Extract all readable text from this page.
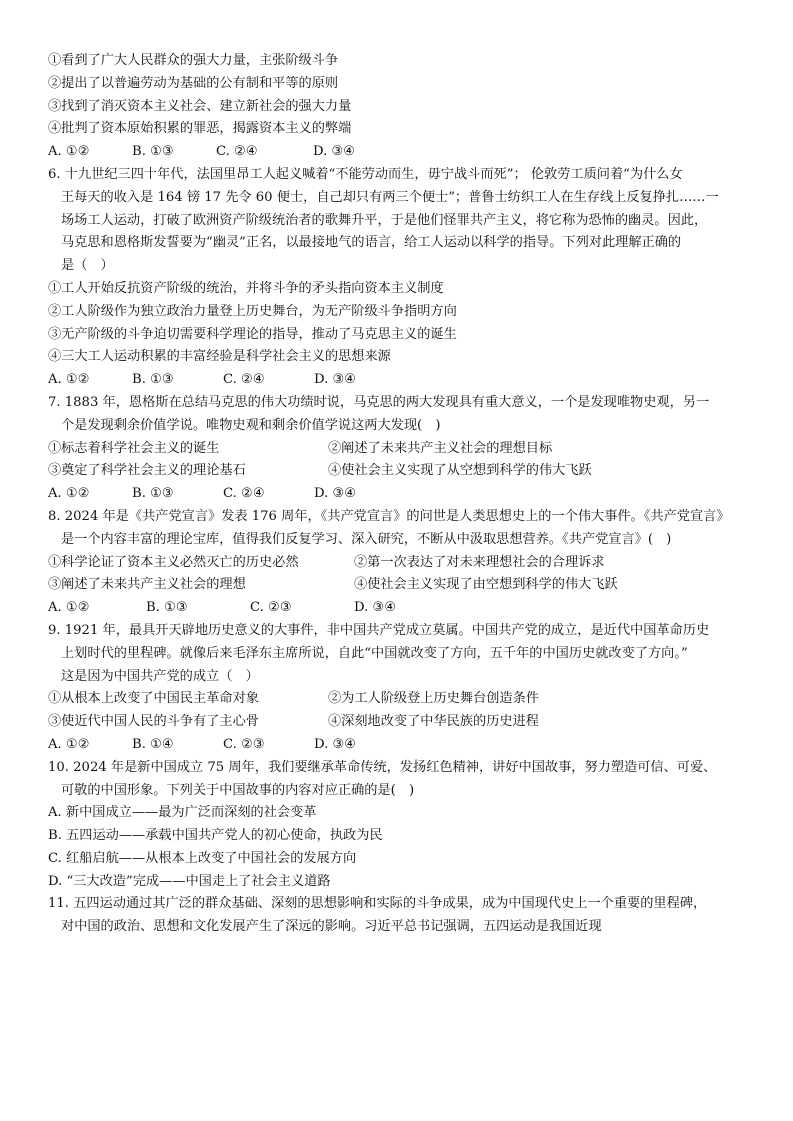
①看到了广大人民群众的强大力量，主张阶级斗争
②提出了以普遍劳动为基础的公有制和平等的原则
③找到了消灭资本主义社会、建立新社会的强大力量
④批判了资本原始积累的罪恶，揭露资本主义的弊端
A. ①②	B. ①③	C. ②④	D. ③④
6. 十九世纪三四十年代，法国里昂工人起义喊着“不能劳动而生，毋宁战斗而死”； 伦敦劳工质问着“为什么女
王每天的收入是 164 镑 17 先令 60 便士，自己却只有两三个便士”；普鲁士纺织工人在生存线上反复挣扎……一
场场工人运动，打破了欧洲资产阶级统治者的歌舞升平，于是他们怪罪共产主义，将它称为恐怖的幽灵。因此，
马克思和恩格斯发誓要为“幽灵”正名，以最接地气的语言，给工人运动以科学的指导。下列对此理解正确的
是（　）
①工人开始反抗资产阶级的统治，并将斗争的矛头指向资本主义制度
②工人阶级作为独立政治力量登上历史舞台，为无产阶级斗争指明方向
③无产阶级的斗争迫切需要科学理论的指导，推动了马克思主义的诞生
④三大工人运动积累的丰富经验是科学社会主义的思想来源
A. ①②	B. ①③	C. ②④	D. ③④
7. 1883 年，恩格斯在总结马克思的伟大功绩时说，马克思的两大发现具有重大意义，一个是发现唯物史观，另一
个是发现剩余价值学说。唯物史观和剩余价值学说这两大发现(　)
①标志着科学社会主义的诞生	②阐述了未来共产主义社会的理想目标
③奠定了科学社会主义的理论基石	④使社会主义实现了从空想到科学的伟大飞跃
A. ①②	B. ①③	C. ②④	D. ③④
8. 2024 年是《共产党宣言》发表 176 周年，《共产党宣言》的问世是人类思想史上的一个伟大事件。《共产党宣言》
是一个内容丰富的理论宝库，值得我们反复学习、深入研究，不断从中汲取思想营养。《共产党宣言》(　)
①科学论证了资本主义必然灭亡的历史必然	②第一次表达了对未来理想社会的合理诉求
③阐述了未来共产主义社会的理想	④使社会主义实现了由空想到科学的伟大飞跃
A. ①②	B. ①③	C. ②③	D. ③④
9. 1921 年，最具开天辟地历史意义的大事件，非中国共产党成立莫属。中国共产党的成立，是近代中国革命历史
上划时代的里程碑。就像后来毛泽东主席所说，自此“中国就改变了方向，五千年的中国历史就改变了方向。”
这是因为中国共产党的成立（　）
①从根本上改变了中国民主革命对象	②为工人阶级登上历史舞台创造条件
③使近代中国人民的斗争有了主心骨	④深刻地改变了中华民族的历史进程
A. ①②	B. ①④	C. ②③	D. ③④
10. 2024 年是新中国成立 75 周年，我们要继承革命传统，发扬红色精神，讲好中国故事，努力塑造可信、可爱、
可敬的中国形象。下列关于中国故事的内容对应正确的是(　)
A. 新中国成立——最为广泛而深刻的社会变革
B. 五四运动——承载中国共产党人的初心使命，执政为民
C. 红船启航——从根本上改变了中国社会的发展方向
D. “三大改造”完成——中国走上了社会主义道路
11. 五四运动通过其广泛的群众基础、深刻的思想影响和实际的斗争成果，成为中国现代史上一个重要的里程碑，
对中国的政治、思想和文化发展产生了深远的影响。习近平总书记强调，五四运动是我国近现
